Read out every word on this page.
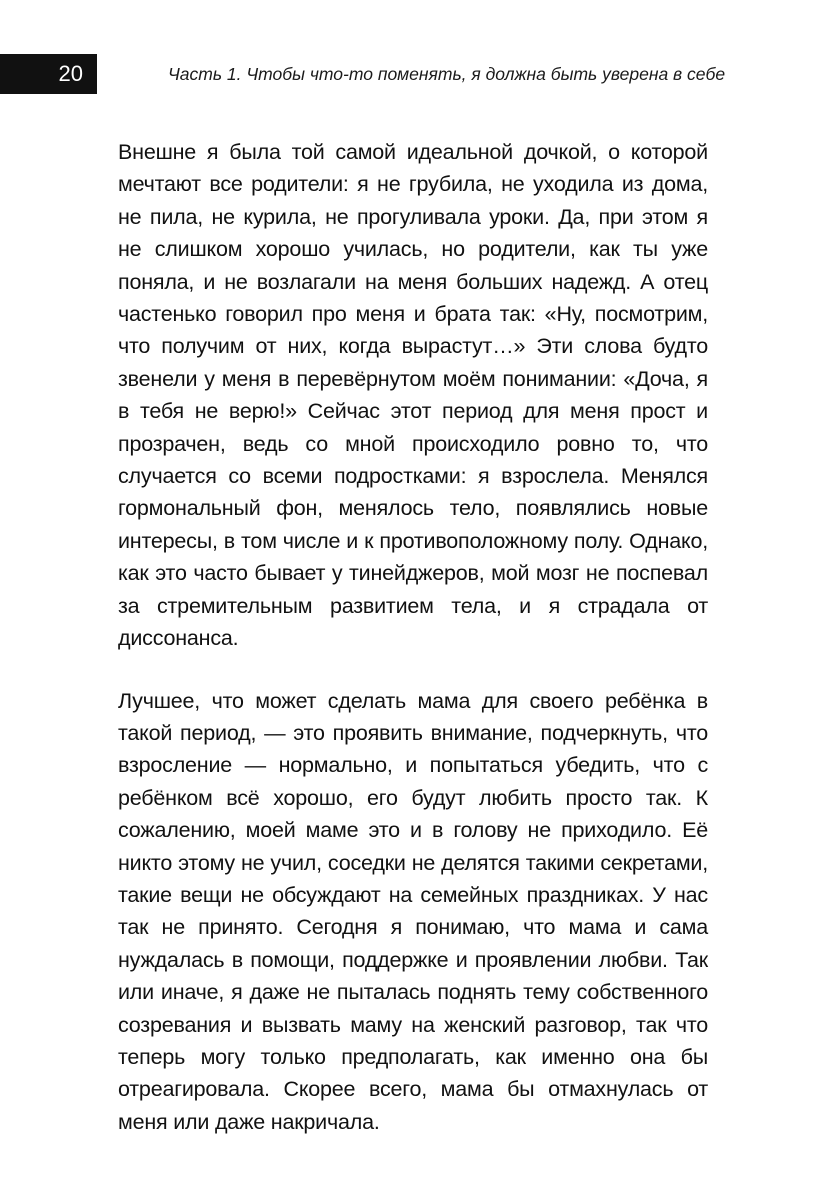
20	Часть 1. Чтобы что-то поменять, я должна быть уверена в себе

Внешне я была той самой идеальной дочкой, о которой мечтают все родители: я не грубила, не уходила из дома, не пила, не курила, не прогуливала уроки. Да, при этом я не слишком хорошо училась, но родители, как ты уже поняла, и не возлагали на меня больших надежд. А отец частенько говорил про меня и брата так: «Ну, посмотрим, что получим от них, когда вырастут…» Эти слова будто звенели у меня в перевёрнутом моём понимании: «Доча, я в тебя не верю!» Сейчас этот период для меня прост и прозрачен, ведь со мной происходило ровно то, что случается со всеми подростками: я взрослела. Менялся гормональный фон, менялось тело, появлялись новые интересы, в том числе и к противоположному полу. Однако, как это часто бывает у тинейджеров, мой мозг не поспевал за стремительным развитием тела, и я страдала от диссонанса.

Лучшее, что может сделать мама для своего ребёнка в такой период, — это проявить внимание, подчеркнуть, что взросление — нормально, и попытаться убедить, что с ребёнком всё хорошо, его будут любить просто так. К сожалению, моей маме это и в голову не приходило. Её никто этому не учил, соседки не делятся такими секретами, такие вещи не обсуждают на семейных праздниках. У нас так не принято. Сегодня я понимаю, что мама и сама нуждалась в помощи, поддержке и проявлении любви. Так или иначе, я даже не пыталась поднять тему собственного созревания и вызвать маму на женский разговор, так что теперь могу только предполагать, как именно она бы отреагировала. Скорее всего, мама бы отмахнулась от меня или даже накричала.
